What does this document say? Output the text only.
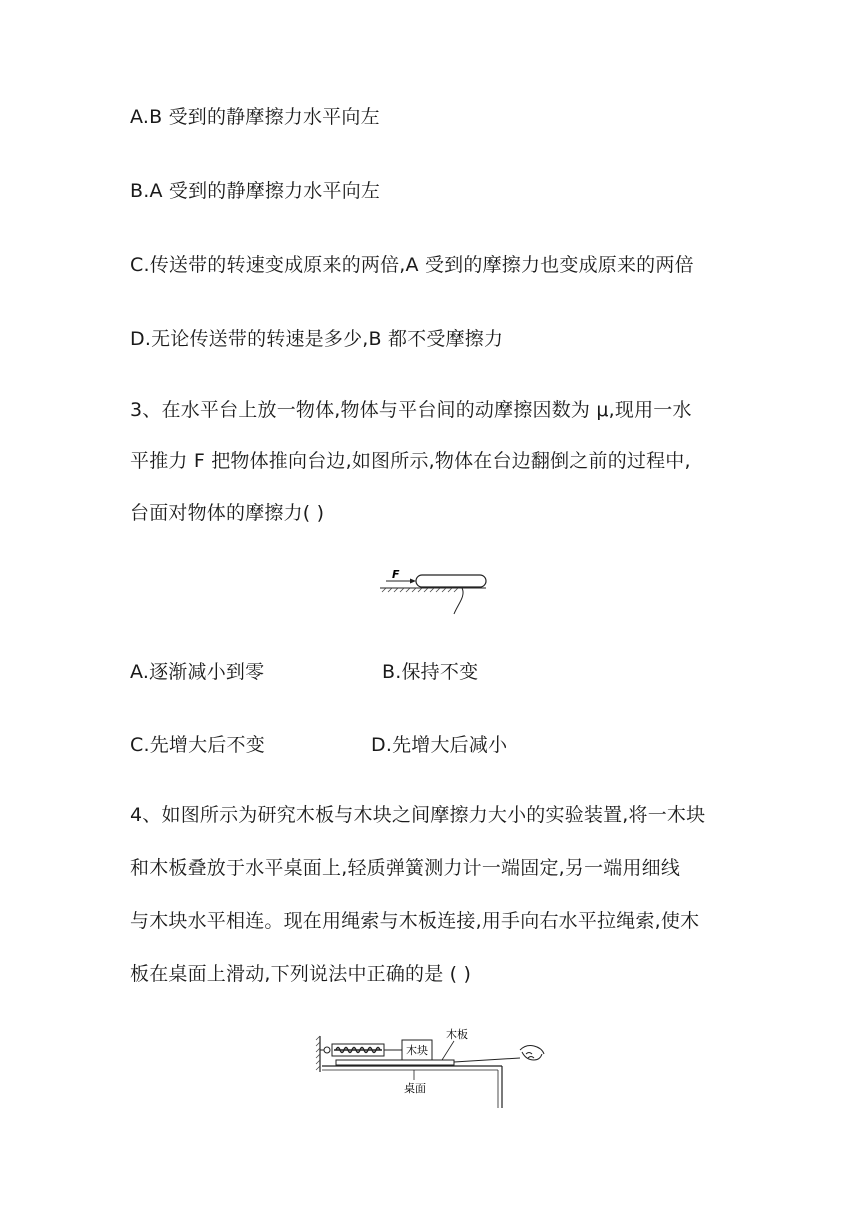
A.B 受到的静摩擦力水平向左
B.A 受到的静摩擦力水平向左
C.传送带的转速变成原来的两倍,A 受到的摩擦力也变成原来的两倍
D.无论传送带的转速是多少,B 都不受摩擦力
3、在水平台上放一物体,物体与平台间的动摩擦因数为 μ,现用一水
平推力 F 把物体推向台边,如图所示,物体在台边翻倒之前的过程中,
台面对物体的摩擦力( )
F
A.逐渐减小到零	B.保持不变
C.先增大后不变	D.先增大后减小
4、如图所示为研究木板与木块之间摩擦力大小的实验装置,将一木块
和木板叠放于水平桌面上,轻质弹簧测力计一端固定,另一端用细线
与木块水平相连。现在用绳索与木板连接,用手向右水平拉绳索,使木
板在桌面上滑动,下列说法中正确的是 ( )
木块
木板
桌面
